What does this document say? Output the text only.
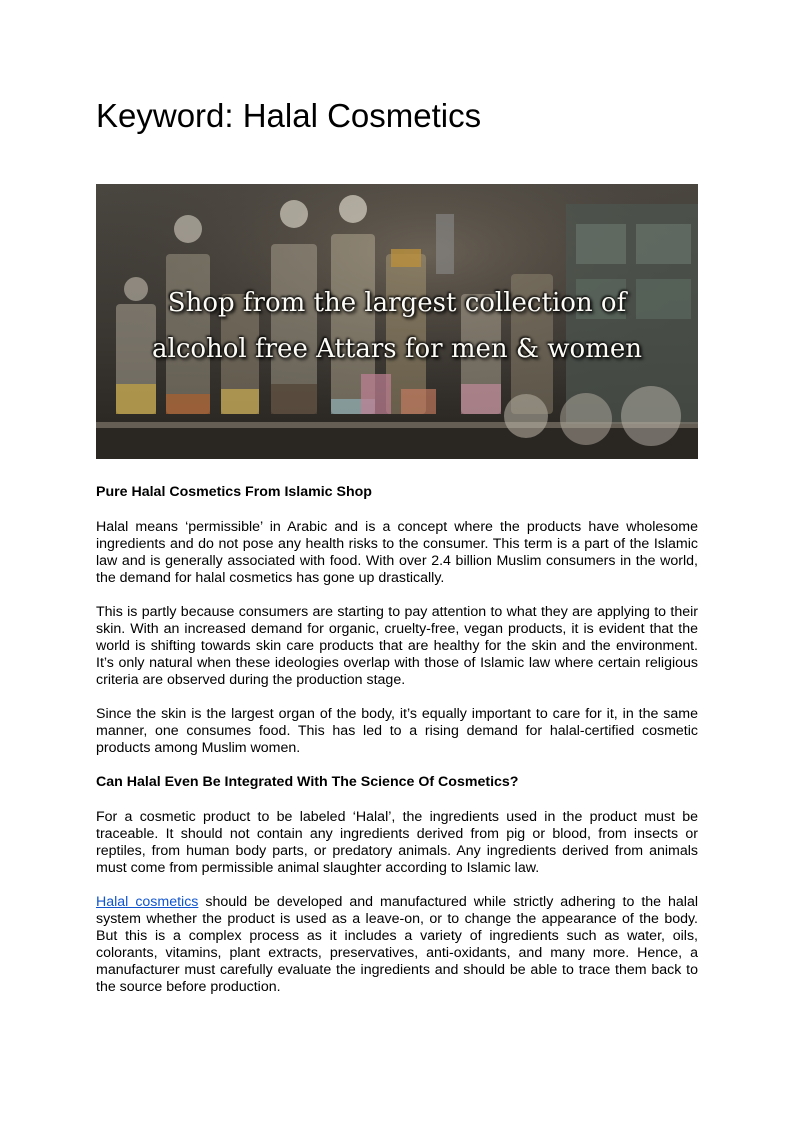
Keyword: Halal Cosmetics
Shop from the largest collection of
alcohol free Attars for men & women
Pure Halal Cosmetics From Islamic Shop

Halal means ‘permissible’ in Arabic and is a concept where the products have wholesome ingredients and do not pose any health risks to the consumer. This term is a part of the Islamic law and is generally associated with food. With over 2.4 billion Muslim consumers in the world, the demand for halal cosmetics has gone up drastically.

This is partly because consumers are starting to pay attention to what they are applying to their skin. With an increased demand for organic, cruelty-free, vegan products, it is evident that the world is shifting towards skin care products that are healthy for the skin and the environment. It’s only natural when these ideologies overlap with those of Islamic law where certain religious criteria are observed during the production stage.

Since the skin is the largest organ of the body, it’s equally important to care for it, in the same manner, one consumes food. This has led to a rising demand for halal-certified cosmetic products among Muslim women.

Can Halal Even Be Integrated With The Science Of Cosmetics?

For a cosmetic product to be labeled ‘Halal’, the ingredients used in the product must be traceable. It should not contain any ingredients derived from pig or blood, from insects or reptiles, from human body parts, or predatory animals. Any ingredients derived from animals must come from permissible animal slaughter according to Islamic law.

Halal cosmetics should be developed and manufactured while strictly adhering to the halal system whether the product is used as a leave-on, or to change the appearance of the body. But this is a complex process as it includes a variety of ingredients such as water, oils, colorants, vitamins, plant extracts, preservatives, anti-oxidants, and many more. Hence, a manufacturer must carefully evaluate the ingredients and should be able to trace them back to the source before production.
